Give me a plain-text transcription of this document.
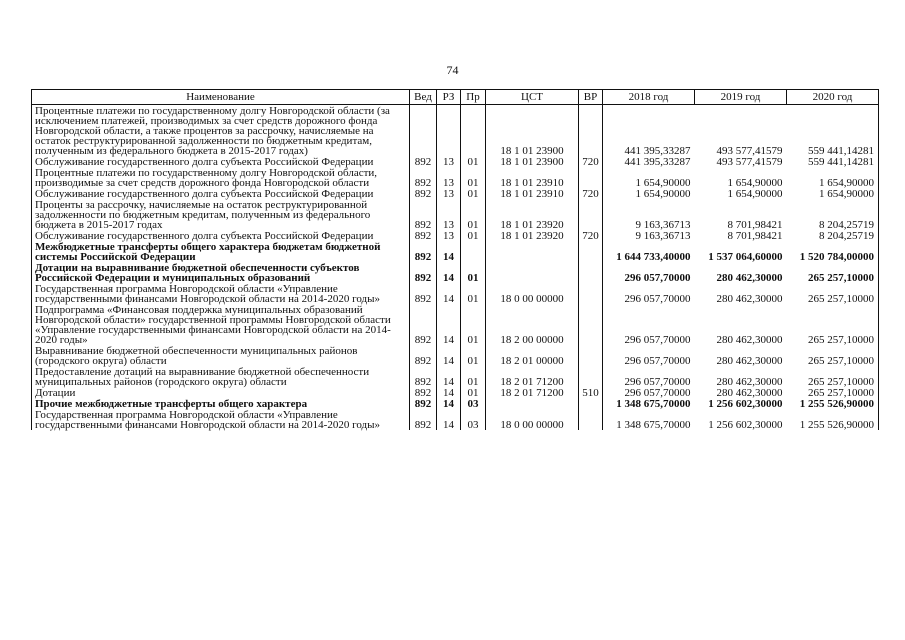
74
Наименование	Вед	РЗ	Пр	ЦСТ	ВР	2018 год	2019 год	2020 год
Процентные платежи по государственному долгу Новгородской области (за исключением платежей, производимых за счет средств дорожного фонда Новгородской области, а также процентов за рассрочку, начисляемые на остаток реструктурированной задолженности по бюджетным кредитам, полученным из федерального бюджета в 2015-2017 годах)				18 1 01 23900		441 395,33287	493 577,41579	559 441,14281
Обслуживание государственного долга субъекта Российской Федерации	892	13	01	18 1 01 23900	720	441 395,33287	493 577,41579	559 441,14281
Процентные платежи по государственному долгу Новгородской области, производимые за счет средств дорожного фонда Новгородской области	892	13	01	18 1 01 23910		1 654,90000	1 654,90000	1 654,90000
Обслуживание государственного долга субъекта Российской Федерации	892	13	01	18 1 01 23910	720	1 654,90000	1 654,90000	1 654,90000
Проценты за рассрочку, начисляемые на остаток реструктурированной задолженности по бюджетным кредитам, полученным из федерального бюджета в 2015-2017 годах	892	13	01	18 1 01 23920		9 163,36713	8 701,98421	8 204,25719
Обслуживание государственного долга субъекта Российской Федерации	892	13	01	18 1 01 23920	720	9 163,36713	8 701,98421	8 204,25719
Межбюджетные трансферты общего характера бюджетам бюджетной системы Российской Федерации	892	14				1 644 733,40000	1 537 064,60000	1 520 784,00000
Дотации на выравнивание бюджетной обеспеченности субъектов Российской Федерации и муниципальных образований	892	14	01			296 057,70000	280 462,30000	265 257,10000
Государственная программа Новгородской области «Управление государственными финансами Новгородской области на 2014-2020 годы»	892	14	01	18 0 00 00000		296 057,70000	280 462,30000	265 257,10000
Подпрограмма «Финансовая поддержка муниципальных образований Новгородской области» государственной программы Новгородской области «Управление государственными финансами Новгородской области на 2014-2020 годы»	892	14	01	18 2 00 00000		296 057,70000	280 462,30000	265 257,10000
Выравнивание бюджетной обеспеченности муниципальных районов (городского округа) области	892	14	01	18 2 01 00000		296 057,70000	280 462,30000	265 257,10000
Предоставление дотаций на выравнивание бюджетной обеспеченности муниципальных районов (городского округа) области	892	14	01	18 2 01 71200		296 057,70000	280 462,30000	265 257,10000
Дотации	892	14	01	18 2 01 71200	510	296 057,70000	280 462,30000	265 257,10000
Прочие межбюджетные трансферты общего характера	892	14	03			1 348 675,70000	1 256 602,30000	1 255 526,90000
Государственная программа Новгородской области «Управление государственными финансами Новгородской области на 2014-2020 годы»	892	14	03	18 0 00 00000		1 348 675,70000	1 256 602,30000	1 255 526,90000
